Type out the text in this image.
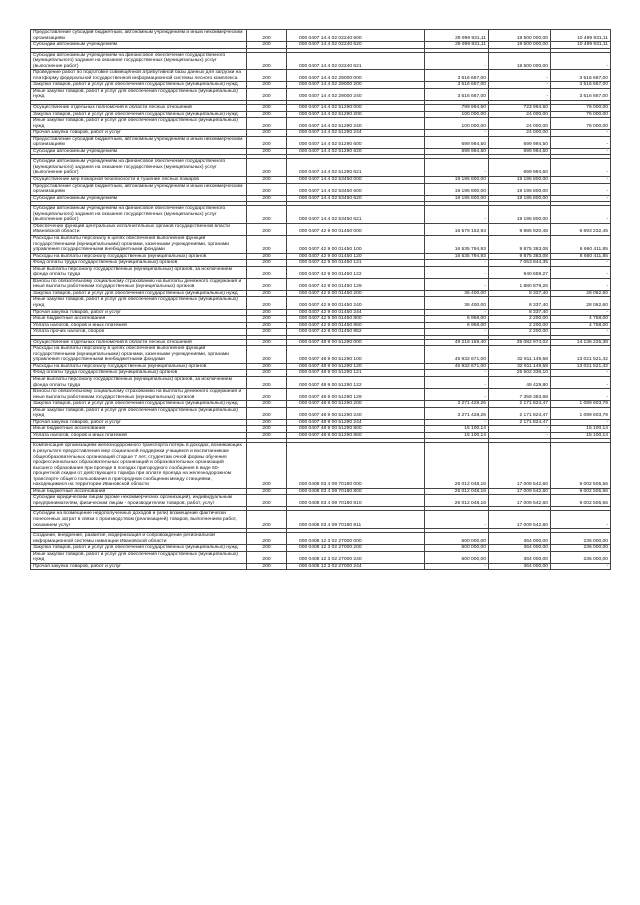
Предоставление субсидий бюджетным, автономным учреждениям и иным некоммерческим организациям	200	000 0407 14 4 02 02240 600	29 999 931,11	19 500 000,00	10 499 931,11
Субсидии автономным учреждениям	200	000 0407 14 4 02 02240 620	29 999 931,11	19 500 000,00	10 499 931,11

Субсидии автономным учреждениям на финансовое обеспечение государственного (муниципального) задания на оказание государственных (муниципальных) услуг (выполнение работ)	200	000 0407 14 4 02 02240 621	-	19 500 000,00	-
Проведение работ по подготовке совмещённой атрибутивной базы данных для загрузки на платформу федеральной государственной информационной системы лесного комплекса	200	000 0407 14 4 02 29000 000	3 516 667,00	-	3 516 667,00
Закупка товаров, работ и услуг для обеспечения государственных (муниципальных) нужд	200	000 0407 14 4 02 29000 200	3 516 667,00	-	3 516 667,00
Иные закупки товаров, работ и услуг для обеспечения государственных (муниципальных) нужд	200	000 0407 14 4 02 29000 240	3 516 667,00	-	3 516 667,00

Осуществление отдельных полномочий в области лесных отношений	200	000 0407 14 4 02 51290 000	799 994,50	723 994,50	76 000,00
Закупка товаров, работ и услуг для обеспечения государственных (муниципальных) нужд	200	000 0407 14 4 02 51290 200	100 000,00	24 000,00	76 000,00
Иные закупки товаров, работ и услуг для обеспечения государственных (муниципальных) нужд	200	000 0407 14 4 02 51290 240	100 000,00	24 000,00	76 000,00
Прочая закупка товаров, работ и услуг	200	000 0407 14 4 02 51290 244	-	24 000,00	-
Предоставление субсидий бюджетным, автономным учреждениям и иным некоммерческим организациям	200	000 0407 14 4 02 51290 600	699 994,50	699 994,50	-
Субсидии автономным учреждениям	200	000 0407 14 4 02 51290 620	699 994,50	699 994,50	-

Субсидии автономным учреждениям на финансовое обеспечение государственного (муниципального) задания на оказание государственных (муниципальных) услуг (выполнение работ)	200	000 0407 14 4 02 51290 621	-	699 994,50	-
Осуществление мер пожарной безопасности и тушение лесных пожаров	200	000 0407 14 4 02 53450 000	19 195 800,00	19 195 800,00	-
Предоставление субсидий бюджетным, автономным учреждениям и иным некоммерческим организациям	200	000 0407 14 4 02 53450 600	19 195 800,00	19 195 800,00	-
Субсидии автономным учреждениям	200	000 0407 14 4 02 53450 620	19 195 800,00	19 195 800,00	-

Субсидии автономным учреждениям на финансовое обеспечение государственного (муниципального) задания на оказание государственных (муниципальных) услуг (выполнение работ)	200	000 0407 14 4 02 53450 621	-	19 195 800,00	-
Обеспечение функций центральных исполнительных органов государственной власти Ивановской области	200	000 0407 42 9 00 01450 000	16 579 152,93	9 885 920,48	6 693 232,45
Расходы на выплаты персоналу в целях обеспечения выполнения функций государственными (муниципальными) органами, казенными учреждениями, органами управления государственными внебюджетными фондами	200	000 0407 42 9 00 01450 100	16 535 794,93	9 875 383,08	6 660 411,85
Расходы на выплаты персоналу государственных (муниципальных) органов	200	000 0407 42 9 00 01450 120	16 535 794,93	9 875 383,08	6 660 411,85
Фонд оплаты труда государственных (муниципальных) органов	200	000 0407 42 9 00 01450 121	-	7 053 844,35	-
Иные выплаты персоналу государственных (муниципальных) органов, за исключением фонда оплаты труда	200	000 0407 42 9 00 01450 122	-	940 659,27	-
Взносы по обязательному социальному страхованию на выплаты денежного содержания и иные выплаты работникам государственных (муниципальных) органов	200	000 0407 42 9 00 01450 129	-	1 880 879,26	-
Закупка товаров, работ и услуг для обеспечения государственных (муниципальных) нужд	200	000 0407 42 9 00 01450 200	36 400,00	8 337,40	28 062,60
Иные закупки товаров, работ и услуг для обеспечения государственных (муниципальных) нужд	200	000 0407 42 9 00 01450 240	36 400,00	8 337,40	28 062,60
Прочая закупка товаров, работ и услуг	200	000 0407 42 9 00 01450 244	-	8 337,40	-
Иные бюджетные ассигнования	200	000 0407 42 9 00 01450 800	6 958,00	2 200,00	4 758,00
Уплата налогов, сборов и иных платежей	200	000 0407 42 9 00 01450 850	6 958,00	2 200,00	4 758,00
Уплата прочих налогов, сборов	200	000 0407 42 9 00 01450 852	-	2 200,00	-

Осуществление отдельных полномочий в области лесных отношений	200	000 0407 48 9 00 51290 000	49 219 159,40	35 082 974,02	14 136 225,38
Расходы на выплаты персоналу в целях обеспечения выполнения функций государственными (муниципальными) органами, казенными учреждениями, органами управления государственными внебюджетными фондами	200	000 0407 48 9 00 51290 100	45 932 671,00	32 911 149,58	13 021 521,42
Расходы на выплаты персоналу государственных (муниципальных) органов	200	000 0407 48 9 00 51290 120	45 932 671,00	32 911 149,58	13 021 521,42
Фонд оплаты труда государственных (муниципальных) органов	200	000 0407 48 9 00 51290 121	-	25 502 336,10	-
Иные выплаты персоналу государственных (муниципальных) органов, за исключением фонда оплаты труда	200	000 0407 48 9 00 51290 122	-	49 429,80	-
Взносы по обязательному социальному страхованию на выплаты денежного содержания и иные выплаты работникам государственных (муниципальных) органов	200	000 0407 48 9 00 51290 129	-	7 359 383,68	-
Закупка товаров, работ и услуг для обеспечения государственных (муниципальных) нужд	200	000 0407 48 9 00 51290 200	3 271 428,26	2 171 824,47	1 099 603,79
Иные закупки товаров, работ и услуг для обеспечения государственных (муниципальных) нужд	200	000 0407 48 9 00 51290 240	3 271 428,26	2 171 824,47	1 099 603,79
Прочая закупка товаров, работ и услуг	200	000 0407 48 9 00 51290 244	-	2 171 824,47	-
Иные бюджетные ассигнования	200	000 0407 48 9 00 51290 800	15 100,14	-	15 100,14
Уплата налогов, сборов и иных платежей	200	000 0407 48 9 00 51290 850	15 100,14	-	15 100,14

Компенсация организациям железнодорожного транспорта потерь в доходах, возникающих в результате предоставления мер социальной поддержки учащимся и воспитанникам общеобразовательных организаций старше 7 лет, студентам очной формы обучения профессиональных образовательных организаций и образовательных организаций высшего образования при проезде в поездах пригородного сообщения в виде 50-процентной скидки от действующего тарифа при оплате проезда на железнодорожном транспорте общего пользования в пригородном сообщении между станциями, находящимися на территории Ивановской области	200	000 0408 03 4 09 70180 000	26 012 048,16	17 009 542,60	9 002 505,56
Иные бюджетные ассигнования	200	000 0408 03 4 09 70180 800	26 012 048,16	17 009 542,60	9 002 505,56
Субсидии юридическим лицам (кроме некоммерческих организаций), индивидуальным предпринимателям, физическим лицам - производителям товаров, работ, услуг	200	000 0408 03 4 09 70180 810	26 012 048,16	17 009 542,60	9 002 505,56

Субсидии на возмещение недополученных доходов и (или) возмещение фактически понесенных затрат в связи с производством (реализацией) товаров, выполнением работ, оказанием услуг	200	000 0408 03 4 09 70180 811	-	17 009 542,60	-

Создание, внедрение, развитие, модернизация и сопровождение региональной информационной системы навигации Ивановской области	200	000 0408 12 3 02 27000 000	600 000,00	364 000,00	236 000,00
Закупка товаров, работ и услуг для обеспечения государственных (муниципальных) нужд	200	000 0408 12 3 02 27000 200	600 000,00	364 000,00	236 000,00
Иные закупки товаров, работ и услуг для обеспечения государственных (муниципальных) нужд	200	000 0408 12 3 02 27000 240	600 000,00	364 000,00	236 000,00
Прочая закупка товаров, работ и услуг	200	000 0408 12 3 02 27000 244	-	364 000,00	-
